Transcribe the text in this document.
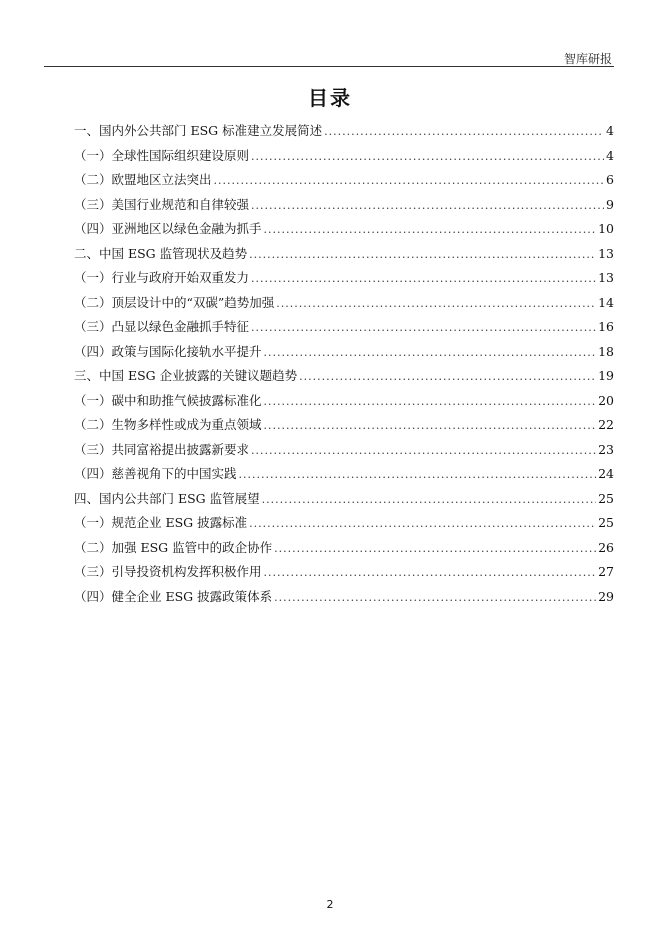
智库研报
目录
一、国内外公共部门 ESG 标准建立发展简述 .....	4
（一）全球性国际组织建设原则 .....	4
（二）欧盟地区立法突出 .....	6
（三）美国行业规范和自律较强 .....	9
（四）亚洲地区以绿色金融为抓手 .....	10
二、中国 ESG 监管现状及趋势 .....	13
（一）行业与政府开始双重发力 .....	13
（二）顶层设计中的“双碳”趋势加强 .....	14
（三）凸显以绿色金融抓手特征 .....	16
（四）政策与国际化接轨水平提升 .....	18
三、中国 ESG 企业披露的关键议题趋势 .....	19
（一）碳中和助推气候披露标准化 .....	20
（二）生物多样性或成为重点领域 .....	22
（三）共同富裕提出披露新要求 .....	23
（四）慈善视角下的中国实践 .....	24
四、国内公共部门 ESG 监管展望 .....	25
（一）规范企业 ESG 披露标准 .....	25
（二）加强 ESG 监管中的政企协作 .....	26
（三）引导投资机构发挥积极作用 .....	27
（四）健全企业 ESG 披露政策体系 .....	29
2
